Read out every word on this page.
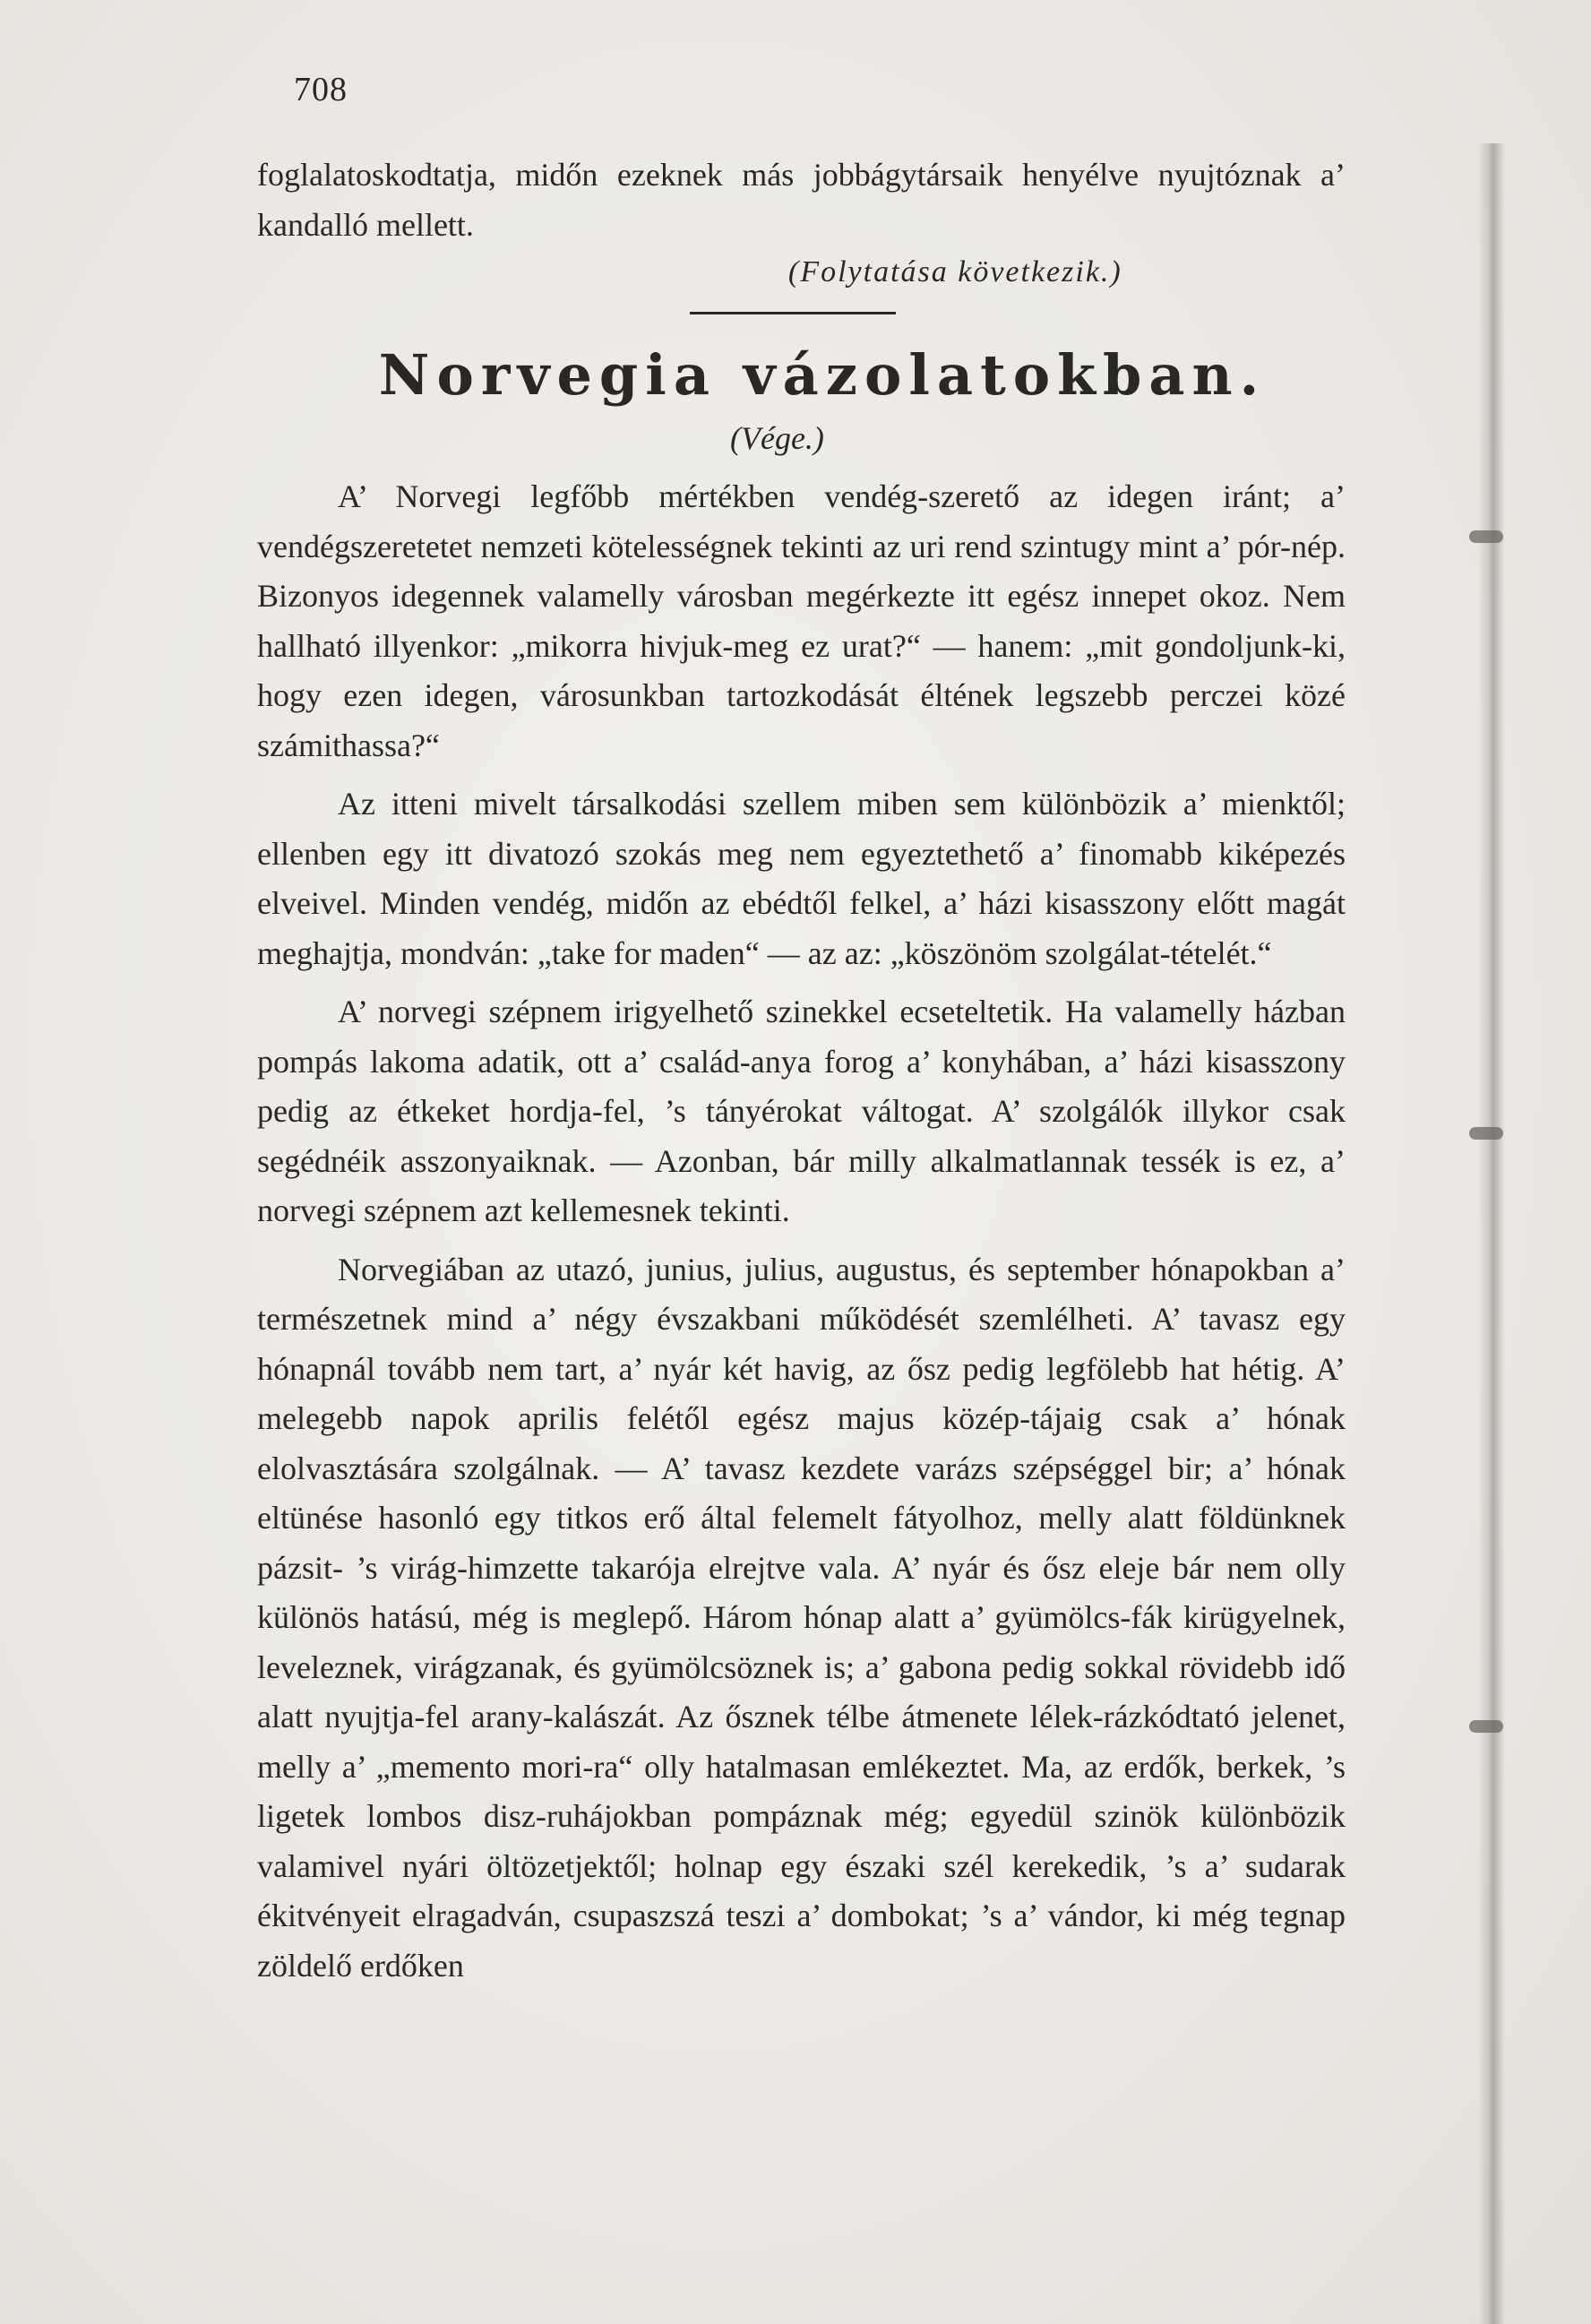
708

foglalatoskodtatja, midőn ezeknek más jobbágytársaik henyélve nyujtóznak a’ kandalló mellett.

(Folytatása következik.)
Norvegia vázolatokban.
(Vége.)

A’ Norvegi legfőbb mértékben vendég-szerető az idegen iránt; a’ vendégszeretetet nemzeti kötelességnek tekinti az uri rend szintugy mint a’ pór-nép. Bizonyos idegennek valamelly városban megérkezte itt egész innepet okoz. Nem hallható illyenkor: „mikorra hivjuk-meg ez urat?“ — hanem: „mit gondoljunk-ki, hogy ezen idegen, városunkban tartozkodását éltének legszebb perczei közé számithassa?“

Az itteni mivelt társalkodási szellem miben sem különbözik a’ mienktől; ellenben egy itt divatozó szokás meg nem egyeztethető a’ finomabb kiképezés elveivel. Minden vendég, midőn az ebédtől felkel, a’ házi kisasszony előtt magát meghajtja, mondván: „take for maden“ — az az: „köszönöm szolgálat-tételét.“

A’ norvegi szépnem irigyelhető szinekkel ecseteltetik. Ha valamelly házban pompás lakoma adatik, ott a’ család-anya forog a’ konyhában, a’ házi kisasszony pedig az étkeket hordja-fel, ’s tányérokat váltogat. A’ szolgálók illykor csak segédnéik asszonyaiknak. — Azonban, bár milly alkalmatlannak tessék is ez, a’ norvegi szépnem azt kellemesnek tekinti.

Norvegiában az utazó, junius, julius, augustus, és september hónapokban a’ természetnek mind a’ négy évszakbani működését szemlélheti. A’ tavasz egy hónapnál tovább nem tart, a’ nyár két havig, az ősz pedig legfölebb hat hétig. A’ melegebb napok aprilis felétől egész majus közép-tájaig csak a’ hónak elolvasztására szolgálnak. — A’ tavasz kezdete varázs szépséggel bir; a’ hónak eltünése hasonló egy titkos erő által felemelt fátyolhoz, melly alatt földünknek pázsit- ’s virág-himzette takarója elrejtve vala. A’ nyár és ősz eleje bár nem olly különös hatású, még is meglepő. Három hónap alatt a’ gyümölcs-fák kirügyelnek, leveleznek, virágzanak, és gyümölcsöznek is; a’ gabona pedig sokkal rövidebb idő alatt nyujtja-fel arany-kalászát. Az ősznek télbe átmenete lélek-rázkódtató jelenet, melly a’ „memento mori-ra“ olly hatalmasan emlékeztet. Ma, az erdők, berkek, ’s ligetek lombos disz-ruhájokban pompáznak még; egyedül szinök különbözik valamivel nyári öltözetjektől; holnap egy északi szél kerekedik, ’s a’ sudarak ékitvényeit elragadván, csupaszszá teszi a’ dombokat; ’s a’ vándor, ki még tegnap zöldelő erdőken
